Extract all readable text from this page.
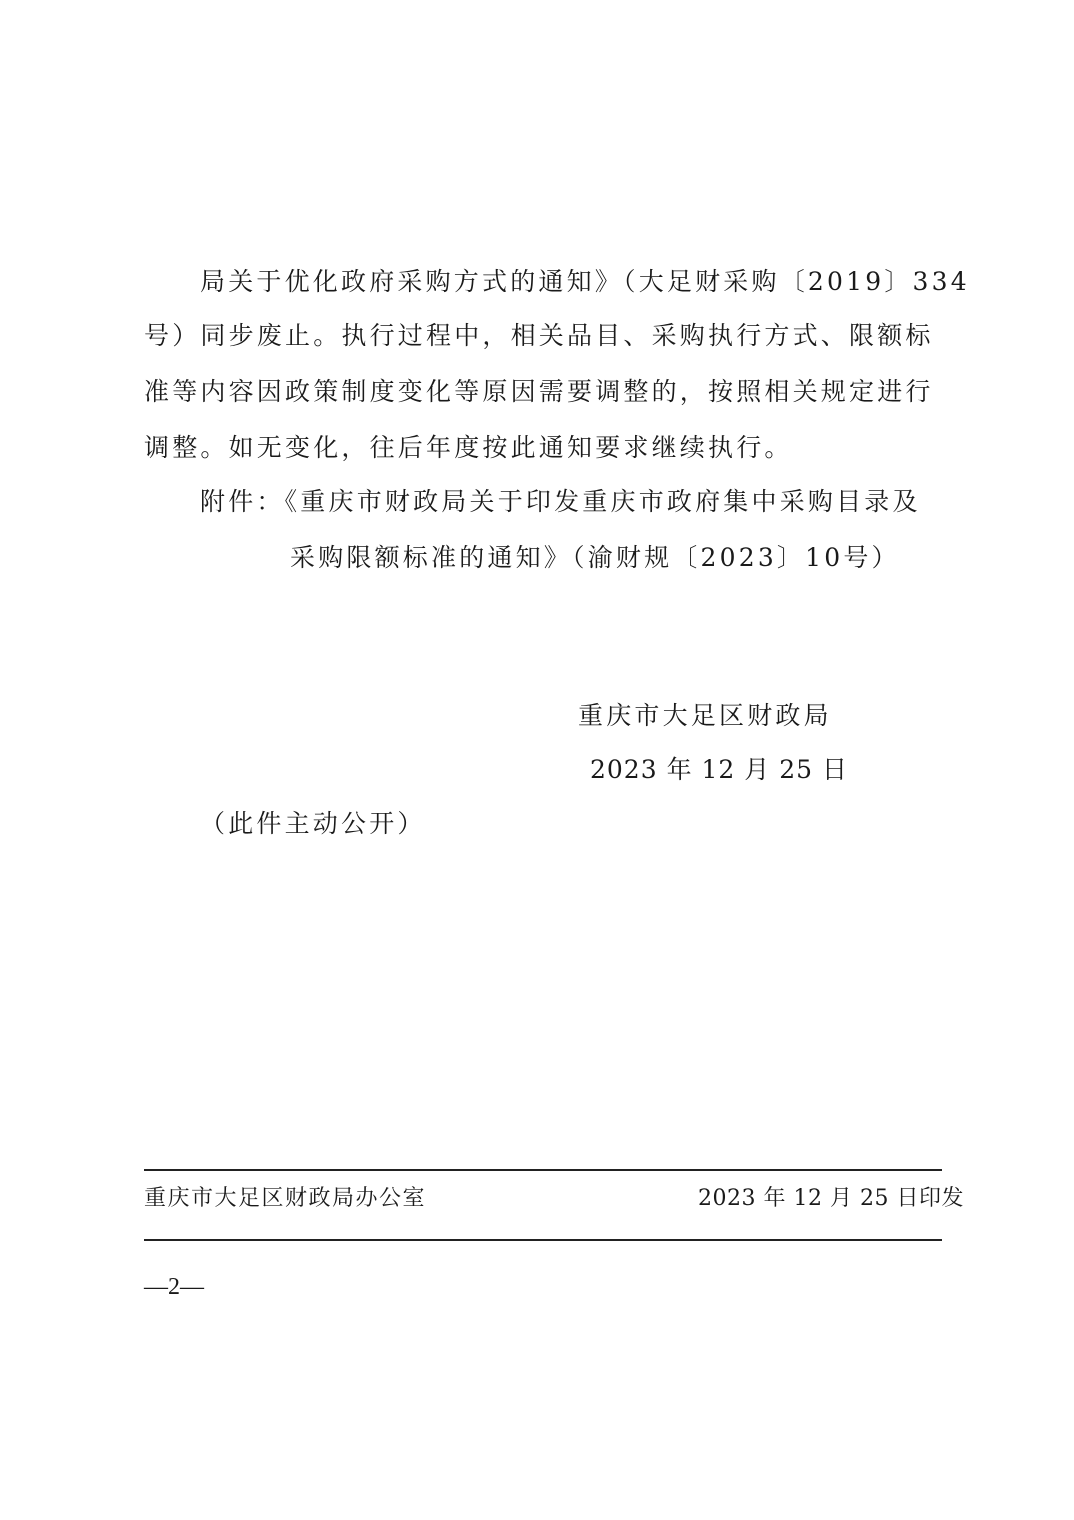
局关于优化政府采购方式的通知》（大足财采购〔2019〕334
号）同步废止。执行过程中，相关品目、采购执行方式、限额标
准等内容因政策制度变化等原因需要调整的，按照相关规定进行
调整。如无变化，往后年度按此通知要求继续执行。
附件：《重庆市财政局关于印发重庆市政府集中采购目录及
采购限额标准的通知》（渝财规〔2023〕10号）
重庆市大足区财政局
2023 年 12 月 25 日
（此件主动公开）
重庆市大足区财政局办公室	2023 年 12 月 25 日印发
—2—
